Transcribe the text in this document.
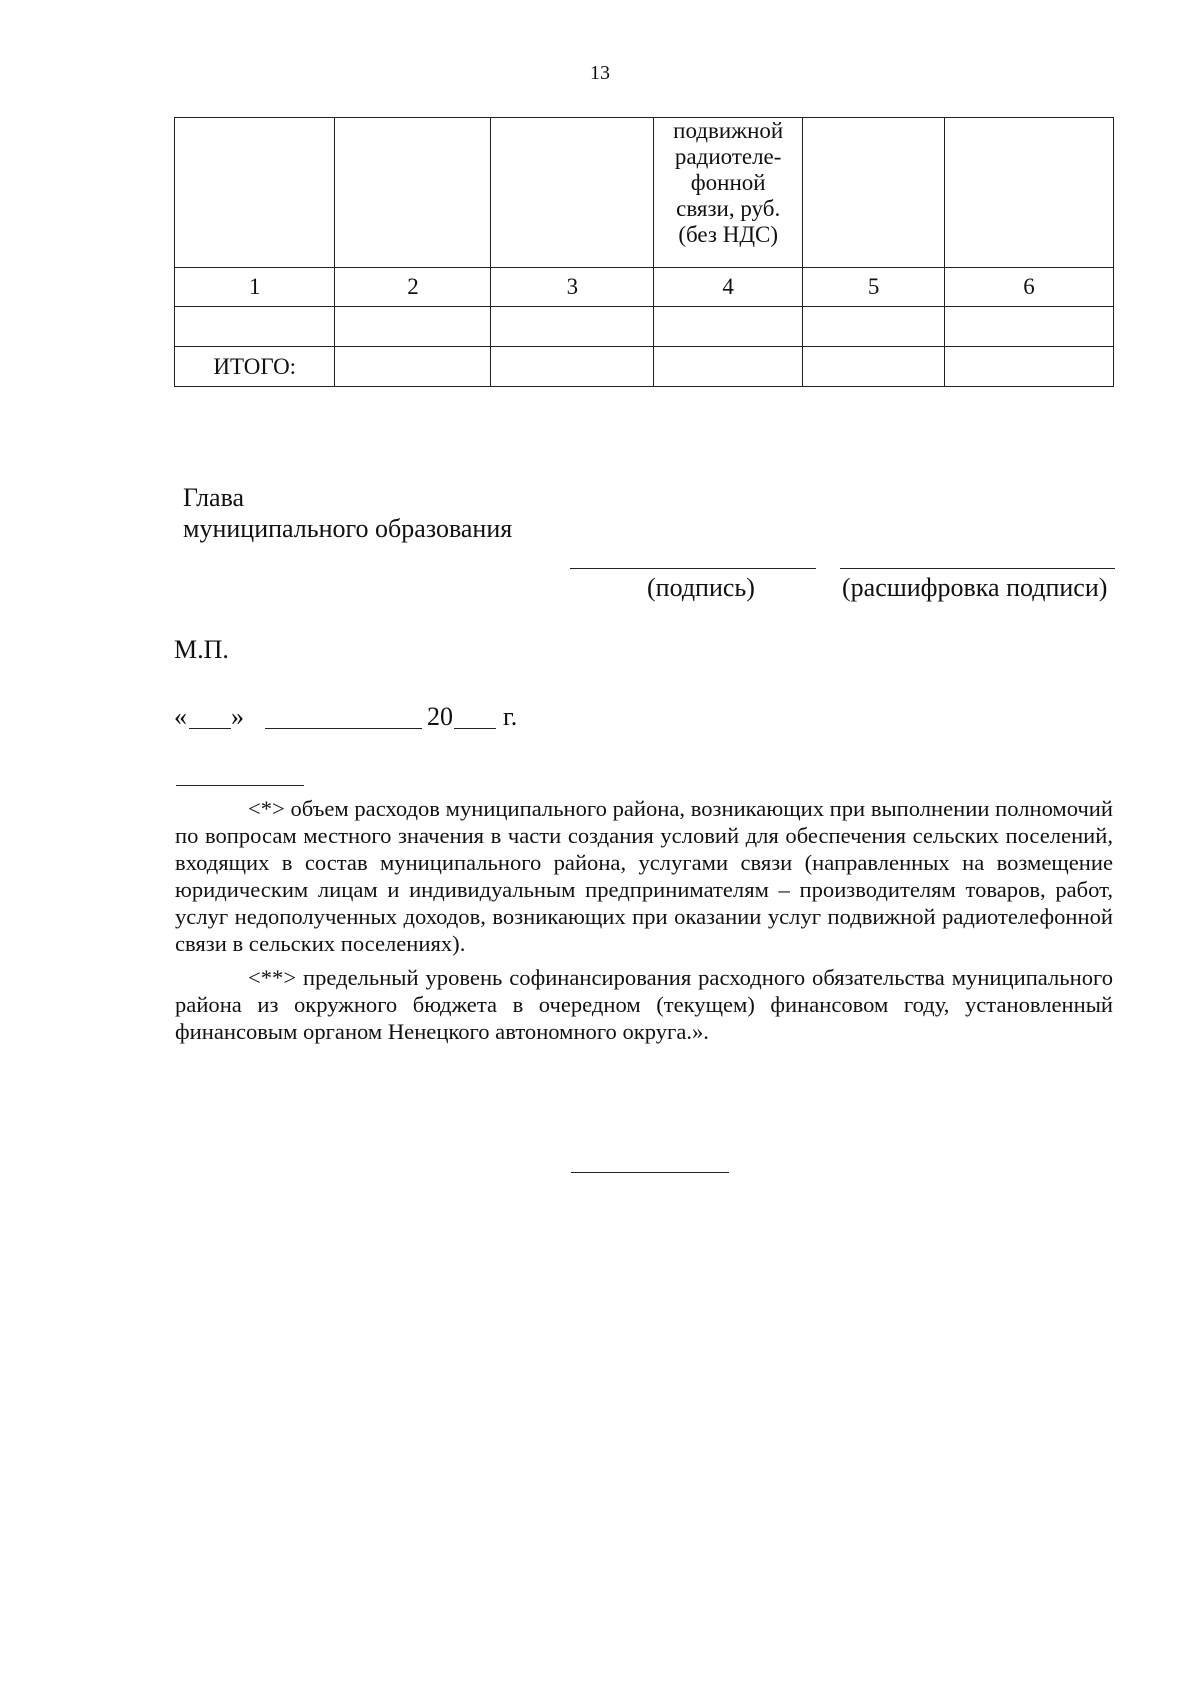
13
			подвижной радиотеле-фонной связи, руб. (без НДС)		
1	2	3	4	5	6

ИТОГО:					
Глава
муниципального образования
(подпись)	(расшифровка подписи)
М.П.
« »	20 г.

<*> объем расходов муниципального района, возникающих при выполнении полномочий по вопросам местного значения в части создания условий для обеспечения сельских поселений, входящих в состав муниципального района, услугами связи (направленных на возмещение юридическим лицам и индивидуальным предпринимателям – производителям товаров, работ, услуг недополученных доходов, возникающих при оказании услуг подвижной радиотелефонной связи в сельских поселениях).

<**> предельный уровень софинансирования расходного обязательства муниципального района из окружного бюджета в очередном (текущем) финансовом году, установленный финансовым органом Ненецкого автономного округа.».
